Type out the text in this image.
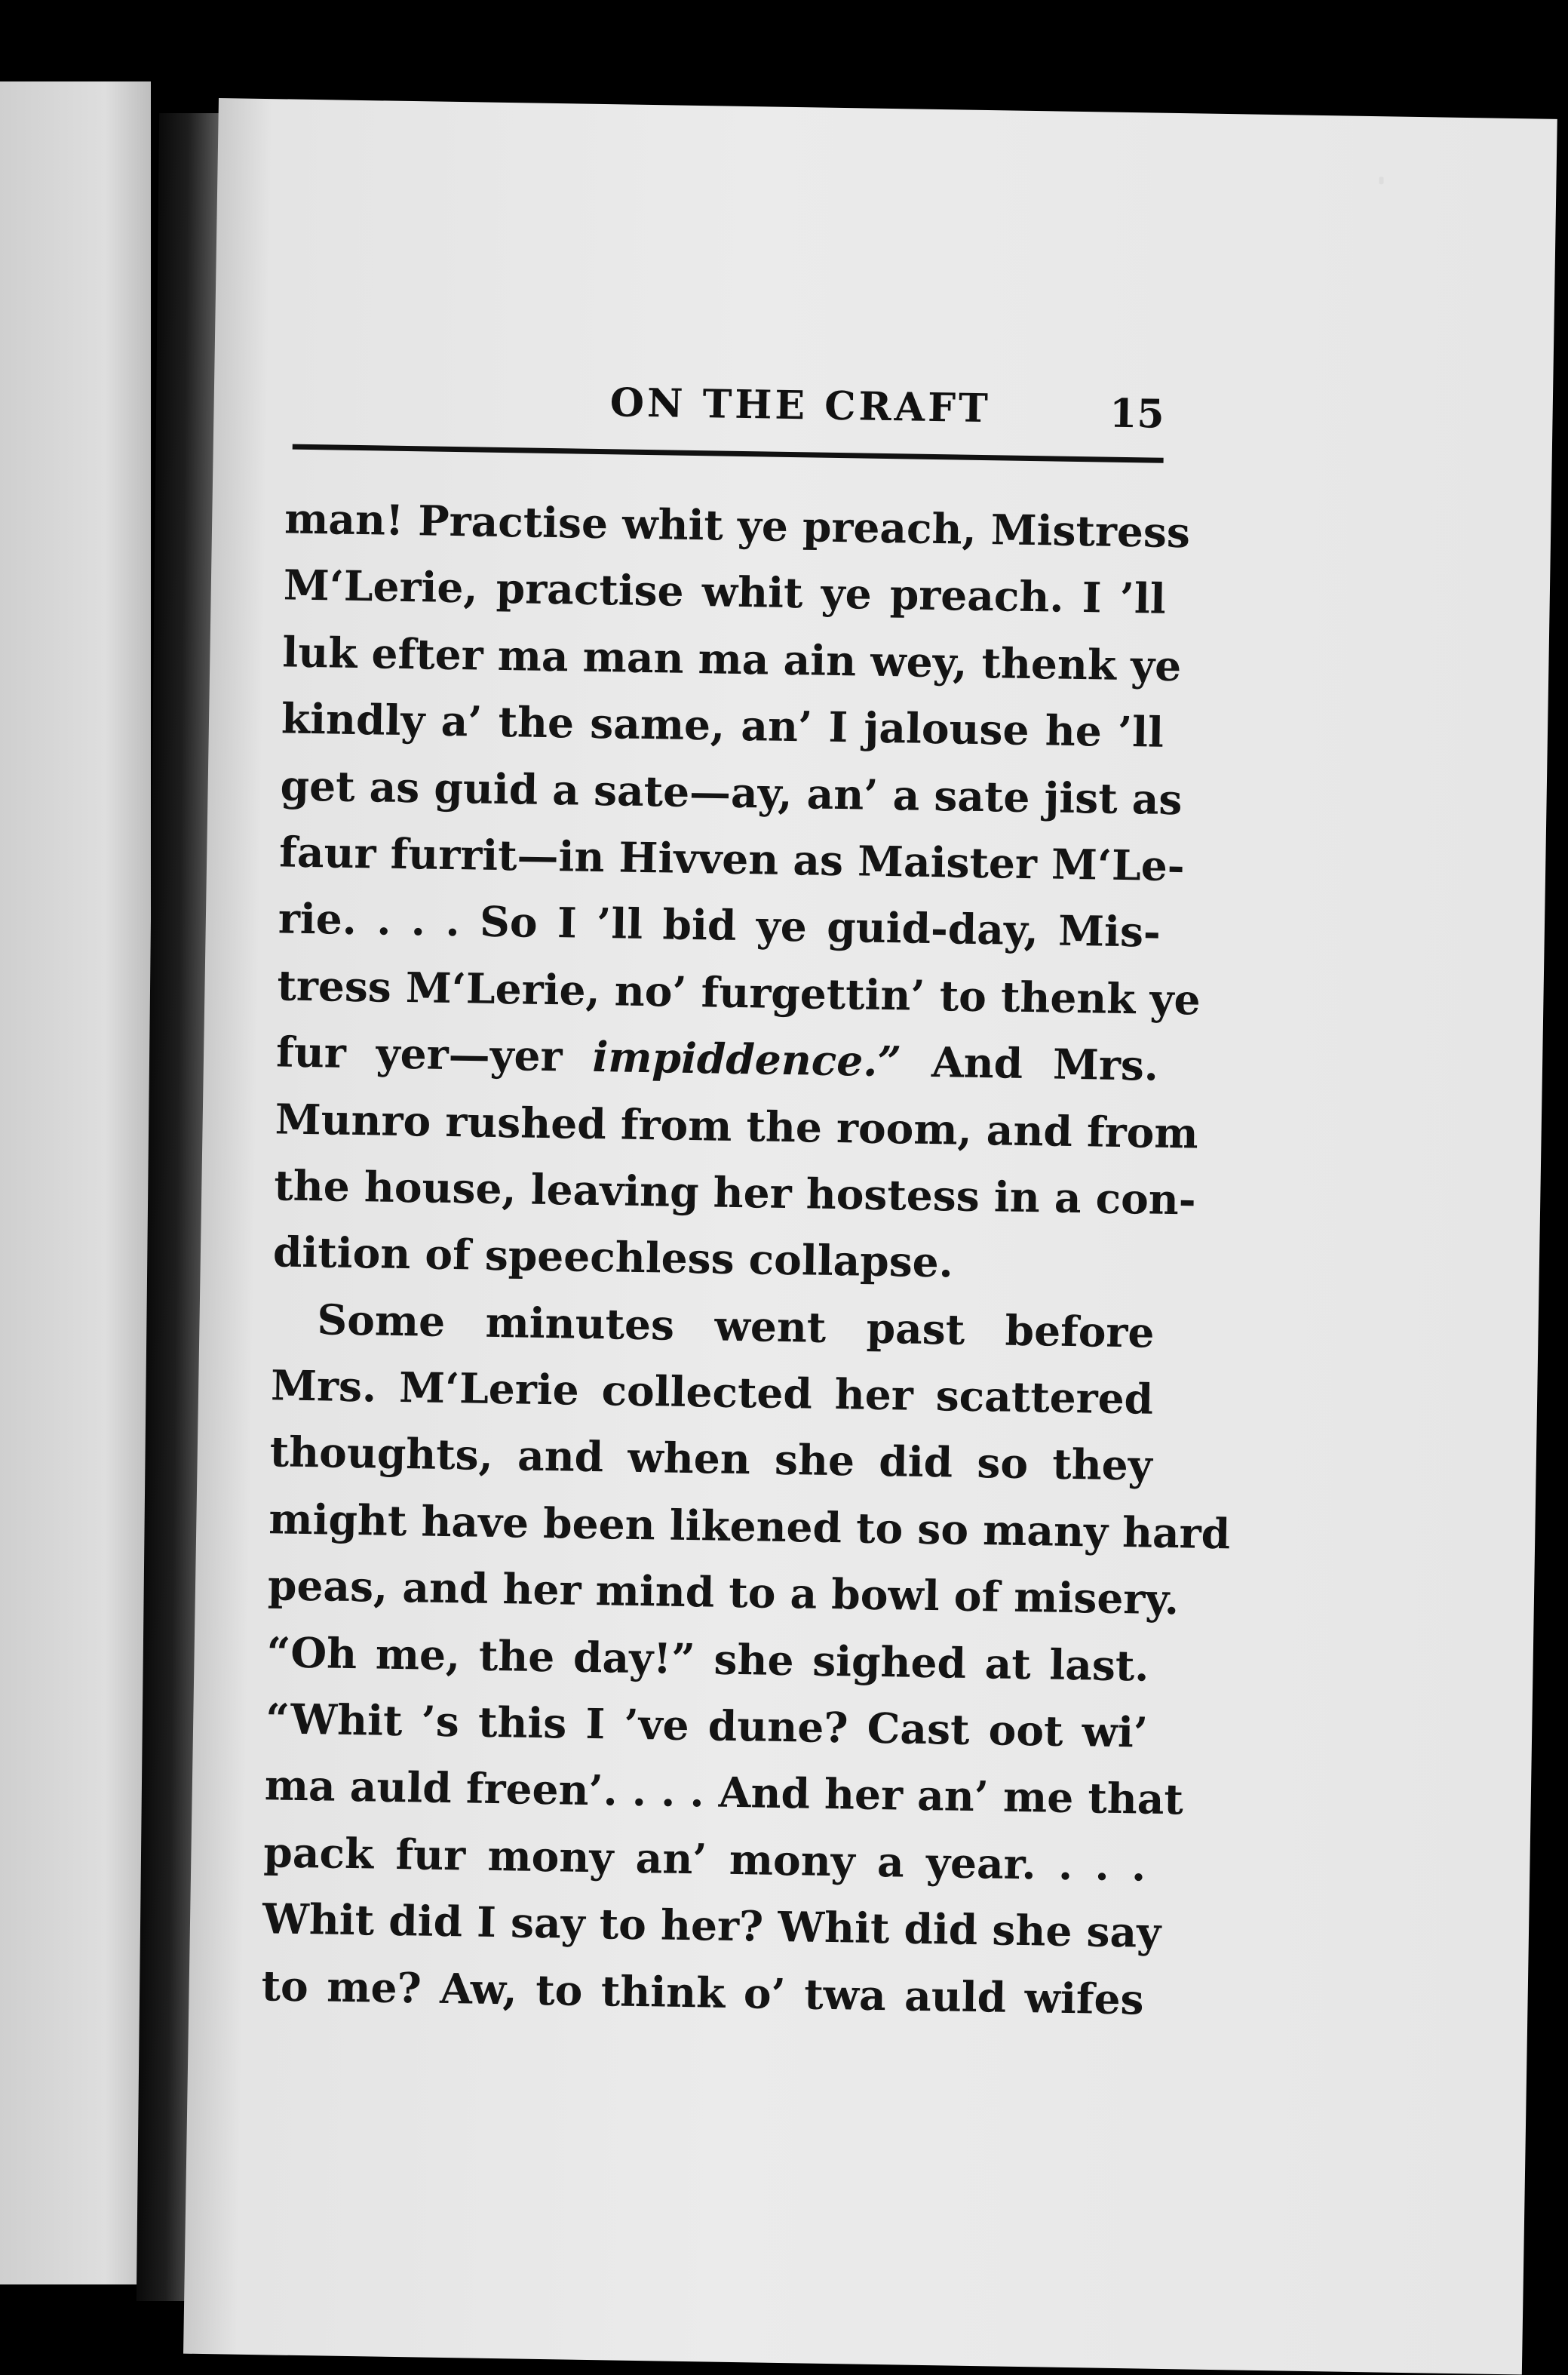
ON THE CRAFT	15
man! Practise whit ye preach, Mistress
M‘Lerie, practise whit ye preach. I ’ll
luk efter ma man ma ain wey, thenk ye
kindly a’ the same, an’ I jalouse he ’ll
get as guid a sate—ay, an’ a sate jist as
faur furrit—in Hivven as Maister M‘Le-
rie. . . . So I ’ll bid ye guid-day, Mis-
tress M‘Lerie, no’ furgettin’ to thenk ye
fur yer—yer impiddence.” And Mrs.
Munro rushed from the room, and from
the house, leaving her hostess in a con-
dition of speechless collapse.
Some minutes went past before
Mrs. M‘Lerie collected her scattered
thoughts, and when she did so they
might have been likened to so many hard
peas, and her mind to a bowl of misery.
“Oh me, the day!” she sighed at last.
“Whit ’s this I ’ve dune? Cast oot wi’
ma auld freen’. . . . And her an’ me that
pack fur mony an’ mony a year. . . .
Whit did I say to her? Whit did she say
to me? Aw, to think o’ twa auld wifes
